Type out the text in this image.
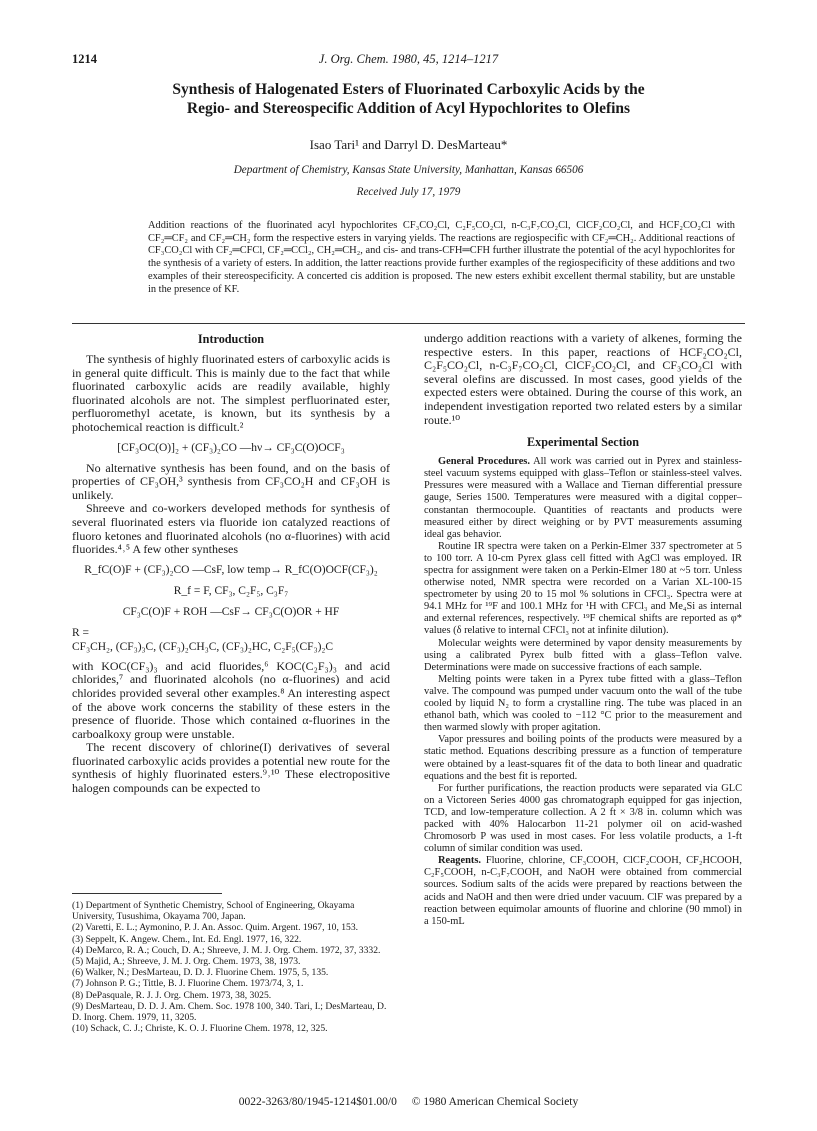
1214	J. Org. Chem. 1980, 45, 1214–1217
Synthesis of Halogenated Esters of Fluorinated Carboxylic Acids by the
Regio- and Stereospecific Addition of Acyl Hypochlorites to Olefins
Isao Tari¹ and Darryl D. DesMarteau*
Department of Chemistry, Kansas State University, Manhattan, Kansas 66506
Received July 17, 1979
Addition reactions of the fluorinated acyl hypochlorites CF₃CO₂Cl, C₂F₅CO₂Cl, n-C₃F₇CO₂Cl, ClCF₂CO₂Cl, and HCF₂CO₂Cl with CF₂═CF₂ and CF₂═CH₂ form the respective esters in varying yields. The reactions are regiospecific with CF₂═CH₂. Additional reactions of CF₃CO₂Cl with CF₂═CFCl, CF₂═CCl₂, CH₂═CH₂, and cis- and trans-CFH═CFH further illustrate the potential of the acyl hypochlorites for the synthesis of a variety of esters. In addition, the latter reactions provide further examples of the regiospecificity of these additions and two examples of their stereospecificity. A concerted cis addition is proposed. The new esters exhibit excellent thermal stability, but are unstable in the presence of KF.
Introduction

The synthesis of highly fluorinated esters of carboxylic acids is in general quite difficult. This is mainly due to the fact that while fluorinated carboxylic acids are readily available, highly fluorinated alcohols are not. The simplest perfluorinated ester, perfluoromethyl acetate, is known, but its synthesis by a photochemical reaction is difficult.²

[CF₃OC(O)]₂ + (CF₃)₂CO —hν→ CF₃C(O)OCF₃

No alternative synthesis has been found, and on the basis of properties of CF₃OH,³ synthesis from CF₃CO₂H and CF₃OH is unlikely.

Shreeve and co-workers developed methods for synthesis of several fluorinated esters via fluoride ion catalyzed reactions of fluoro ketones and fluorinated alcohols (no α-fluorines) with acid fluorides.⁴˒⁵ A few other syntheses

R_fC(O)F + (CF₃)₂CO —CsF, low temp→ R_fC(O)OCF(CF₃)₂
R_f = F, CF₃, C₂F₅, C₃F₇
CF₃C(O)F + ROH —CsF→ CF₃C(O)OR + HF
R =
CF₃CH₂, (CF₃)₃C, (CF₃)₂CH₃C, (CF₃)₂HC, C₂F₅(CF₃)₂C

with KOC(CF₃)₃ and acid fluorides,⁶ KOC(C₂F₃)₃ and acid chlorides,⁷ and fluorinated alcohols (no α-fluorines) and acid chlorides provided several other examples.⁸ An interesting aspect of the above work concerns the stability of these esters in the presence of fluoride. Those which contained α-fluorines in the carboalkoxy group were unstable.

The recent discovery of chlorine(I) derivatives of several fluorinated carboxylic acids provides a potential new route for the synthesis of highly fluorinated esters.⁹˒¹⁰ These electropositive halogen compounds can be expected to

undergo addition reactions with a variety of alkenes, forming the respective esters. In this paper, reactions of HCF₂CO₂Cl, C₂F₅CO₂Cl, n-C₃F₇CO₂Cl, ClCF₂CO₂Cl, and CF₃CO₂Cl with several olefins are discussed. In most cases, good yields of the expected esters were obtained. During the course of this work, an independent investigation reported two related esters by a similar route.¹⁰

Experimental Section

General Procedures. All work was carried out in Pyrex and stainless-steel vacuum systems equipped with glass–Teflon or stainless-steel valves. Pressures were measured with a Wallace and Tiernan differential pressure gauge, Series 1500. Temperatures were measured with a digital copper–constantan thermocouple. Quantities of reactants and products were measured either by direct weighing or by PVT measurements assuming ideal gas behavior.

Routine IR spectra were taken on a Perkin-Elmer 337 spectrometer at 5 to 100 torr. A 10-cm Pyrex glass cell fitted with AgCl was employed. IR spectra for assignment were taken on a Perkin-Elmer 180 at ~5 torr. Unless otherwise noted, NMR spectra were recorded on a Varian XL-100-15 spectrometer by using 20 to 15 mol % solutions in CFCl₃. Spectra were at 94.1 MHz for ¹⁹F and 100.1 MHz for ¹H with CFCl₃ and Me₄Si as internal and external references, respectively. ¹⁹F chemical shifts are reported as φ* values (δ relative to internal CFCl₃ not at infinite dilution).

Molecular weights were determined by vapor density measurements by using a calibrated Pyrex bulb fitted with a glass–Teflon valve. Determinations were made on successive fractions of each sample.

Melting points were taken in a Pyrex tube fitted with a glass–Teflon valve. The compound was pumped under vacuum onto the wall of the tube cooled by liquid N₂ to form a crystalline ring. The tube was placed in an ethanol bath, which was cooled to −112 °C prior to the measurement and then warmed slowly with proper agitation.

Vapor pressures and boiling points of the products were measured by a static method. Equations describing pressure as a function of temperature were obtained by a least-squares fit of the data to both linear and quadratic equations and the best fit is reported.

For further purifications, the reaction products were separated via GLC on a Victoreen Series 4000 gas chromatograph equipped for gas injection, TCD, and low-temperature collection. A 2 ft × 3/8 in. column which was packed with 40% Halocarbon 11-21 polymer oil on acid-washed Chromosorb P was used in most cases. For less volatile products, a 1-ft column of similar condition was used.

Reagents. Fluorine, chlorine, CF₃COOH, ClCF₂COOH, CF₂HCOOH, C₂F₅COOH, n-C₃F₇COOH, and NaOH were obtained from commercial sources. Sodium salts of the acids were prepared by reactions between the acids and NaOH and then were dried under vacuum. ClF was prepared by a reaction between equimolar amounts of fluorine and chlorine (90 mmol) in a 150-mL

(1) Department of Synthetic Chemistry, School of Engineering, Okayama University, Tusushima, Okayama 700, Japan.
(2) Varetti, E. L.; Aymonino, P. J. An. Assoc. Quim. Argent. 1967, 10, 153.
(3) Seppelt, K. Angew. Chem., Int. Ed. Engl. 1977, 16, 322.
(4) DeMarco, R. A.; Couch, D. A.; Shreeve, J. M. J. Org. Chem. 1972, 37, 3332.
(5) Majid, A.; Shreeve, J. M. J. Org. Chem. 1973, 38, 1973.
(6) Walker, N.; DesMarteau, D. D. J. Fluorine Chem. 1975, 5, 135.
(7) Johnson P. G.; Tittle, B. J. Fluorine Chem. 1973/74, 3, 1.
(8) DePasquale, R. J. J. Org. Chem. 1973, 38, 3025.
(9) DesMarteau, D. D. J. Am. Chem. Soc. 1978 100, 340. Tari, I.; DesMarteau, D. D. Inorg. Chem. 1979, 11, 3205.
(10) Schack, C. J.; Christe, K. O. J. Fluorine Chem. 1978, 12, 325.
0022-3263/80/1945-1214$01.00/0 © 1980 American Chemical Society
